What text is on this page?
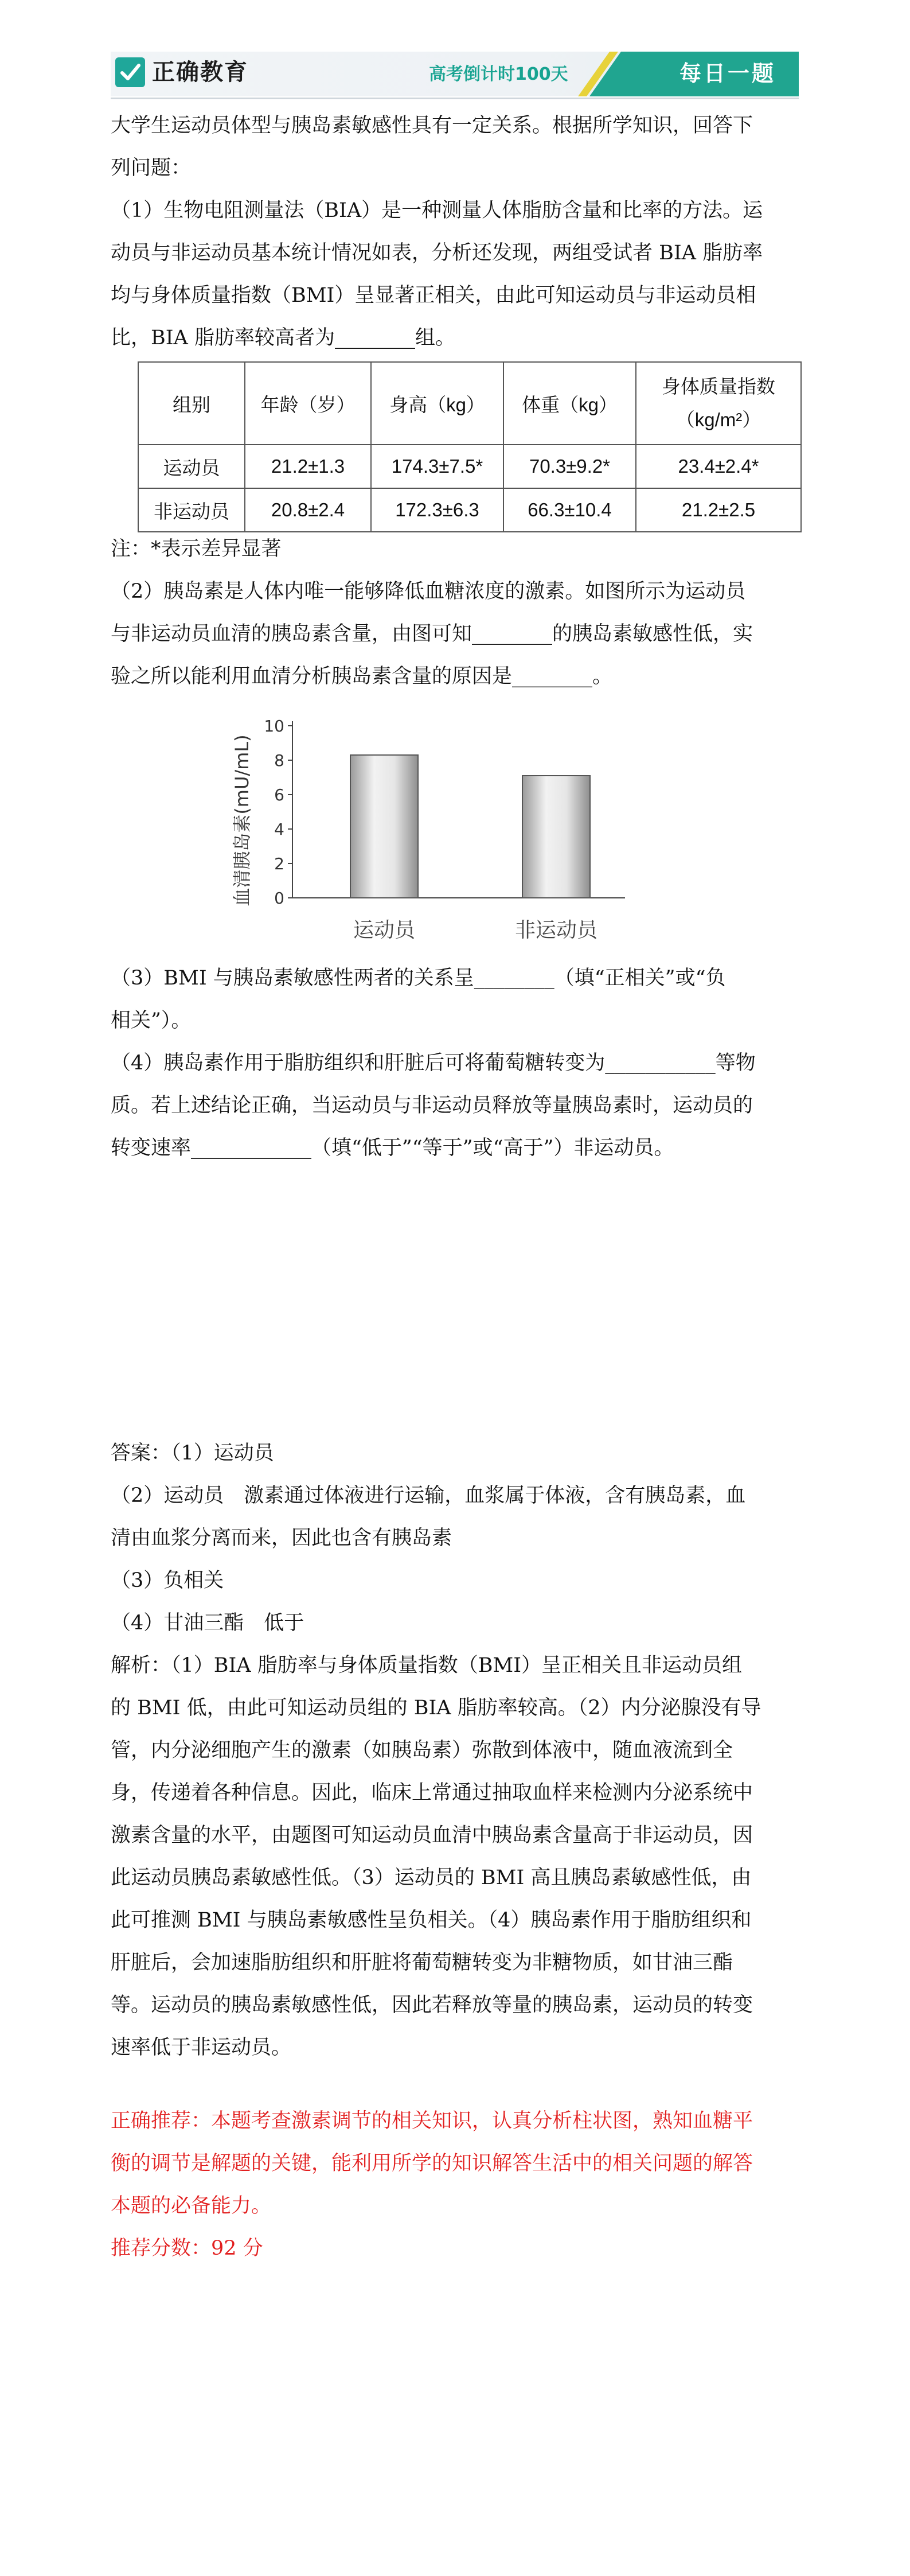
正确教育	高考倒计时100天	每日一题
大学生运动员体型与胰岛素敏感性具有一定关系。根据所学知识，回答下
列问题：
（1）生物电阻测量法（BIA）是一种测量人体脂肪含量和比率的方法。运
动员与非运动员基本统计情况如表，分析还发现，两组受试者 BIA 脂肪率
均与身体质量指数（BMI）呈显著正相关，由此可知运动员与非运动员相
比，BIA 脂肪率较高者为________组。
组别	年龄（岁）	身高（kg）	体重（kg）	身体质量指数
（kg/m²）

运动员	21.2±1.3	174.3±7.5*	70.3±9.2*	23.4±2.4*
非运动员	20.8±2.4	172.3±6.3	66.3±10.4	21.2±2.5
注：*表示差异显著
（2）胰岛素是人体内唯一能够降低血糖浓度的激素。如图所示为运动员
与非运动员血清的胰岛素含量，由图可知________的胰岛素敏感性低，实
验之所以能利用血清分析胰岛素含量的原因是________。
血清胰岛素(mU/mL) 0
2
4
6
8
10
运动员	非运动员
（3）BMI 与胰岛素敏感性两者的关系呈________（填“正相关”或“负
相关”）。
（4）胰岛素作用于脂肪组织和肝脏后可将葡萄糖转变为___________等物
质。若上述结论正确，当运动员与非运动员释放等量胰岛素时，运动员的
转变速率____________（填“低于”“等于”或“高于”）非运动员。
答案：（1）运动员
（2）运动员　激素通过体液进行运输，血浆属于体液，含有胰岛素，血
清由血浆分离而来，因此也含有胰岛素
（3）负相关
（4）甘油三酯　低于
解析：（1）BIA 脂肪率与身体质量指数（BMI）呈正相关且非运动员组
的 BMI 低，由此可知运动员组的 BIA 脂肪率较高。（2）内分泌腺没有导
管，内分泌细胞产生的激素（如胰岛素）弥散到体液中，随血液流到全
身，传递着各种信息。因此，临床上常通过抽取血样来检测内分泌系统中
激素含量的水平，由题图可知运动员血清中胰岛素含量高于非运动员，因
此运动员胰岛素敏感性低。（3）运动员的 BMI 高且胰岛素敏感性低，由
此可推测 BMI 与胰岛素敏感性呈负相关。（4）胰岛素作用于脂肪组织和
肝脏后，会加速脂肪组织和肝脏将葡萄糖转变为非糖物质，如甘油三酯
等。运动员的胰岛素敏感性低，因此若释放等量的胰岛素，运动员的转变
速率低于非运动员。
正确推荐：本题考查激素调节的相关知识，认真分析柱状图，熟知血糖平
衡的调节是解题的关键，能利用所学的知识解答生活中的相关问题的解答
本题的必备能力。
推荐分数：92 分
